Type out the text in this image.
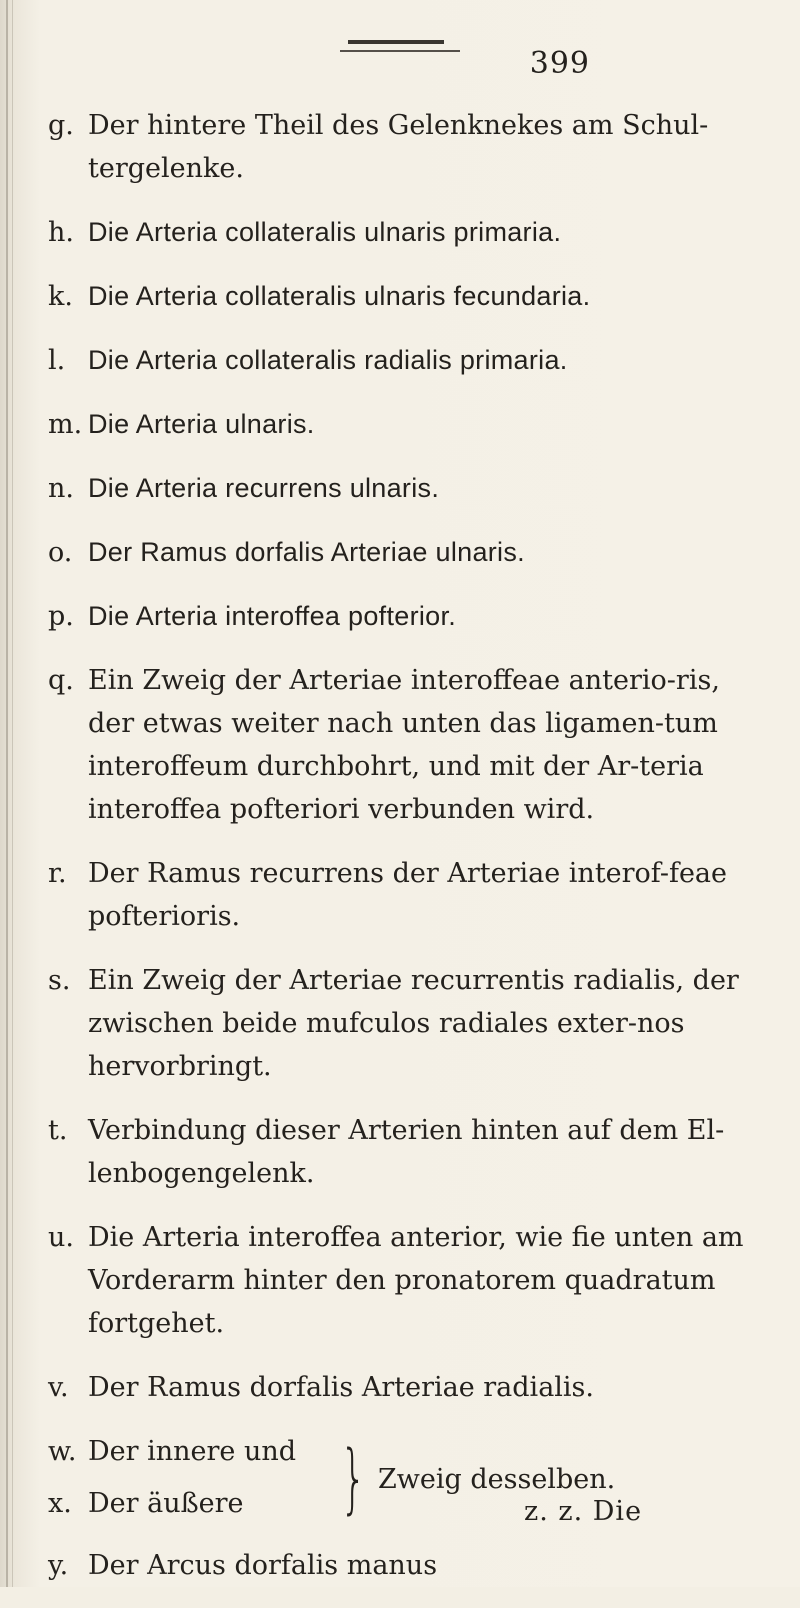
399
g. Der hintere Theil des Gelenknekes am Schul-tergelenke.
h. Die Arteria collateralis ulnaris primaria.
k. Die Arteria collateralis ulnaris fecundaria.
l. Die Arteria collateralis radialis primaria.
m. Die Arteria ulnaris.
n. Die Arteria recurrens ulnaris.
o. Der Ramus dorfalis Arteriae ulnaris.
p. Die Arteria interoffea pofterior.
q. Ein Zweig der Arteriae interoffeae anterio-ris, der etwas weiter nach unten das ligamen-tum interoffeum durchbohrt, und mit der Ar-teria interoffea pofteriori verbunden wird.
r. Der Ramus recurrens der Arteriae interof-feae pofterioris.
s. Ein Zweig der Arteriae recurrentis radialis, der zwischen beide mufculos radiales exter-nos hervorbringt.
t. Verbindung dieser Arterien hinten auf dem El-lenbogengelenk.
u. Die Arteria interoffea anterior, wie fie unten am Vorderarm hinter den pronatorem quadratum fortgehet.
v. Der Ramus dorfalis Arteriae radialis.
w. Der innere und
x. Der äußere	} Zweig desselben.
y. Der Arcus dorfalis manus
z. z. Die
